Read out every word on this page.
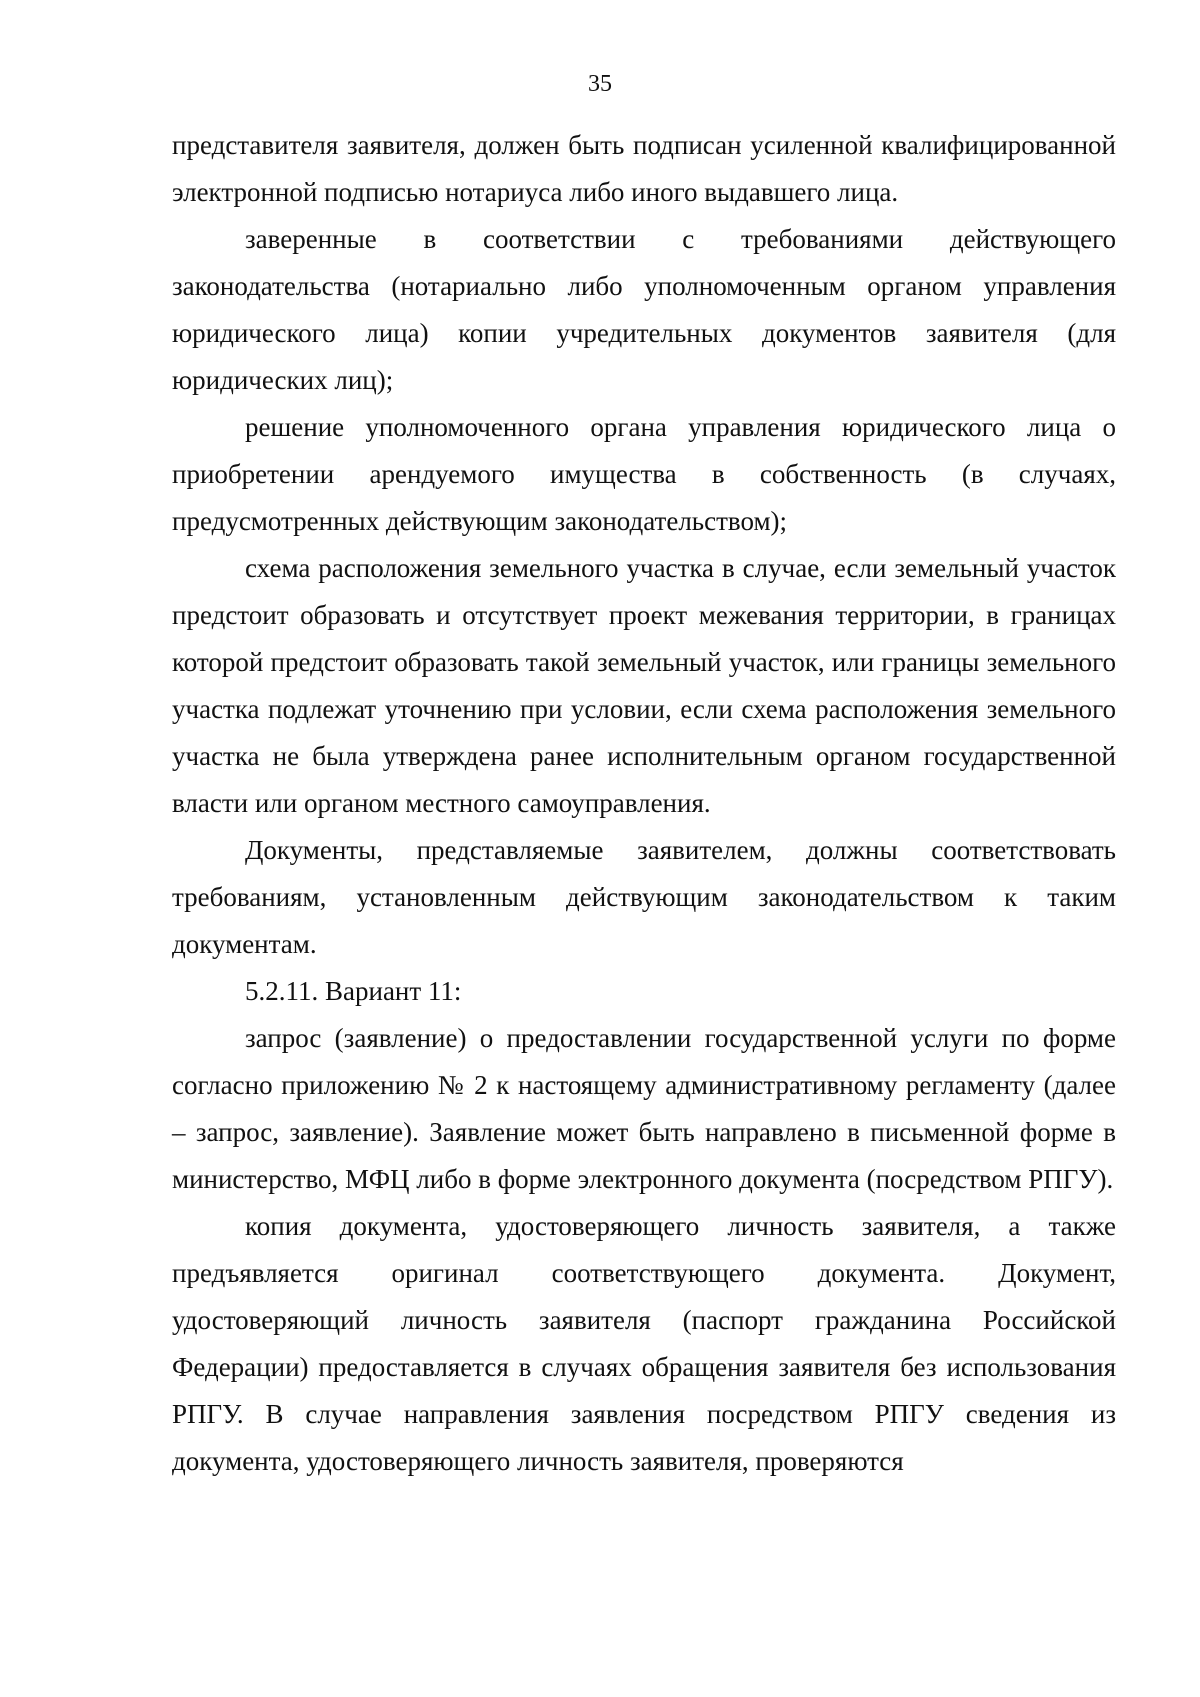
35

представителя заявителя, должен быть подписан усиленной квалифицированной электронной подписью нотариуса либо иного выдавшего лица.

заверенные в соответствии с требованиями действующего законодательства (нотариально либо уполномоченным органом управления юридического лица) копии учредительных документов заявителя (для юридических лиц);

решение уполномоченного органа управления юридического лица о приобретении арендуемого имущества в собственность (в случаях, предусмотренных действующим законодательством);

схема расположения земельного участка в случае, если земельный участок предстоит образовать и отсутствует проект межевания территории, в границах которой предстоит образовать такой земельный участок, или границы земельного участка подлежат уточнению при условии, если схема расположения земельного участка не была утверждена ранее исполнительным органом государственной власти или органом местного самоуправления.

Документы, представляемые заявителем, должны соответствовать требованиям, установленным действующим законодательством к таким документам.

5.2.11. Вариант 11:

запрос (заявление) о предоставлении государственной услуги по форме согласно приложению № 2 к настоящему административному регламенту (далее – запрос, заявление). Заявление может быть направлено в письменной форме в министерство, МФЦ либо в форме электронного документа (посредством РПГУ).

копия документа, удостоверяющего личность заявителя, а также предъявляется оригинал соответствующего документа. Документ, удостоверяющий личность заявителя (паспорт гражданина Российской Федерации) предоставляется в случаях обращения заявителя без использования РПГУ. В случае направления заявления посредством РПГУ сведения из документа, удостоверяющего личность заявителя, проверяются
